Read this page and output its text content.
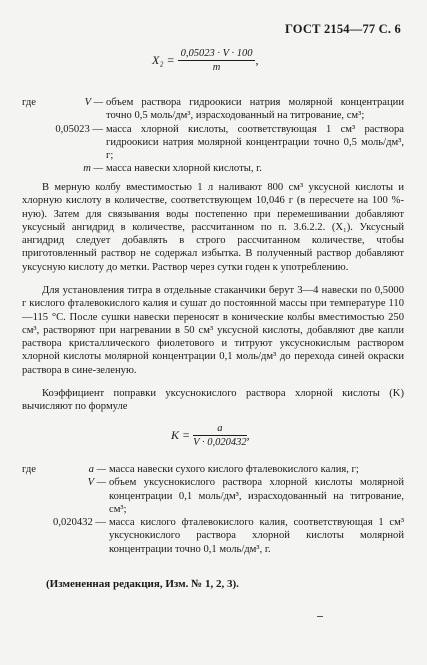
ГОСТ 2154—77 С. 6
$X_2 = \frac{0,05023 \cdot V \cdot 100}{m}$ ,
где	V — объем раствора гидроокиси натрия молярной концентрации точно 0,5 моль/дм³, израсходованный на титрование, см³;
0,05023 — масса хлорной кислоты, соответствующая 1 см³ раствора гидроокиси натрия молярной концентрации точно 0,5 моль/дм³, г;
m — масса навески хлорной кислоты, г.

В мерную колбу вместимостью 1 л наливают 800 см³ уксусной кислоты и хлорную кислоту в количестве, соответствующем 10,046 г (в пересчете на 100 %-ную). Затем для связывания воды постепенно при перемешивании добавляют уксусный ангидрид в количестве, рассчитанном по п. 3.6.2.2. (X₁). Уксусный ангидрид следует добавлять в строго рассчитанном количестве, чтобы приготовленный раствор не содержал избытка. В полученный раствор добавляют уксусную кислоту до метки. Раствор через сутки годен к употреблению.

Для установления титра в отдельные стаканчики берут 3—4 навески по 0,5000 г кислого фталевокислого калия и сушат до постоянной массы при температуре 110—115 °С. После сушки навески переносят в конические колбы вместимостью 250 см³, растворяют при нагревании в 50 см³ уксусной кислоты, добавляют две капли раствора кристаллического фиолетового и титруют уксуснокислым раствором хлорной кислоты молярной концентрации 0,1 моль/дм³ до перехода синей окраски раствора в сине-зеленую.

Коэффициент поправки уксуснокислого раствора хлорной кислоты (K) вычисляют по формуле

$K = \frac{a}{V \cdot 0,020432}$ ,
где	a — масса навески сухого кислого фталевокислого калия, г;
V — объем уксуснокислого раствора хлорной кислоты молярной концентрации 0,1 моль/дм³, израсходованный на титрование, см³;
0,020432 — масса кислого фталевокислого калия, соответствующая 1 см³ уксуснокислого раствора хлорной кислоты молярной концентрации точно 0,1 моль/дм³, г.
(Измененная редакция, Изм. № 1, 2, 3).
